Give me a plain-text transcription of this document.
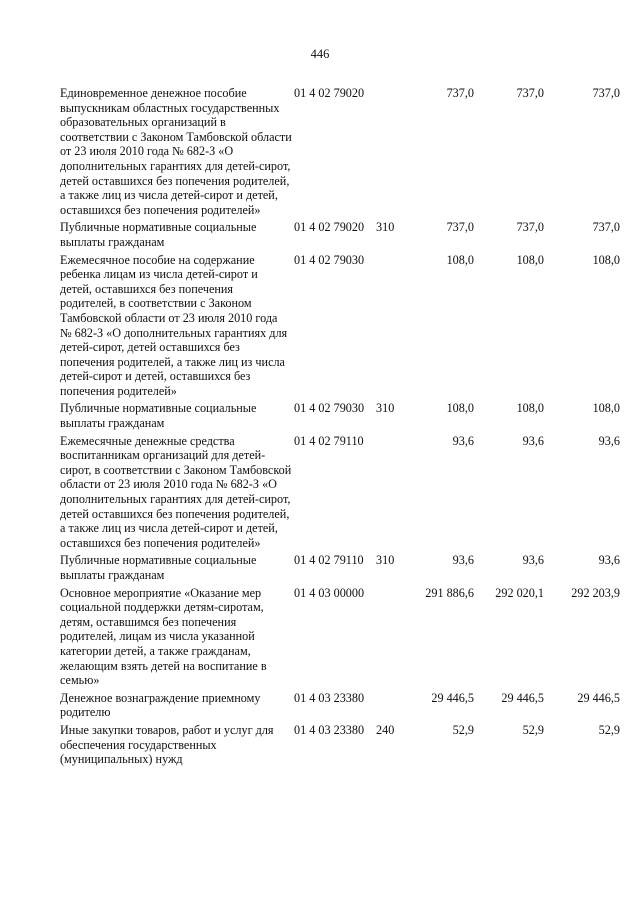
446
Единовременное денежное пособие выпускникам областных государственных образовательных организаций в соответствии с Законом Тамбовской области от 23 июля 2010 года № 682-З «О дополнительных гарантиях для детей-сирот, детей оставшихся без попечения родителей, а также лиц из числа детей-сирот и детей, оставшихся без попечения родителей»
01 4 02 79020	737,0	737,0	737,0
Публичные нормативные социальные выплаты гражданам
01 4 02 79020 310	737,0	737,0	737,0
Ежемесячное пособие на содержание ребенка лицам из числа детей-сирот и детей, оставшихся без попечения родителей, в соответствии с Законом Тамбовской области от 23 июля 2010 года № 682-З «О дополнительных гарантиях для детей-сирот, детей оставшихся без попечения родителей, а также лиц из числа детей-сирот и детей, оставшихся без попечения родителей»
01 4 02 79030	108,0	108,0	108,0
Публичные нормативные социальные выплаты гражданам
01 4 02 79030 310	108,0	108,0	108,0
Ежемесячные денежные средства воспитанникам организаций для детей-сирот, в соответствии с Законом Тамбовской области от 23 июля 2010 года № 682-З «О дополнительных гарантиях для детей-сирот, детей оставшихся без попечения родителей, а также лиц из числа детей-сирот и детей, оставшихся без попечения родителей»
01 4 02 79110	93,6	93,6	93,6
Публичные нормативные социальные выплаты гражданам
01 4 02 79110 310	93,6	93,6	93,6
Основное мероприятие «Оказание мер социальной поддержки детям-сиротам, детям, оставшимся без попечения родителей, лицам из числа указанной категории детей, а также гражданам, желающим взять детей на воспитание в семью»
01 4 03 00000	291 886,6	292 020,1	292 203,9
Денежное вознаграждение приемному родителю
01 4 03 23380	29 446,5	29 446,5	29 446,5
Иные закупки товаров, работ и услуг для обеспечения государственных (муниципальных) нужд
01 4 03 23380 240	52,9	52,9	52,9
